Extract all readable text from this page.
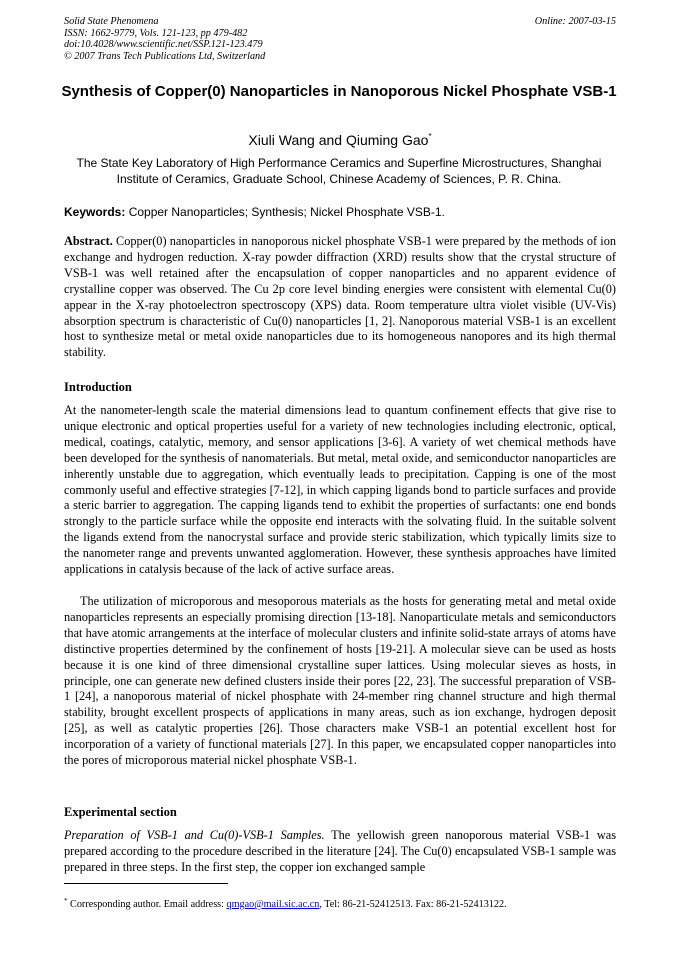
Solid State Phenomena
ISSN: 1662-9779, Vols. 121-123, pp 479-482
doi:10.4028/www.scientific.net/SSP.121-123.479
© 2007 Trans Tech Publications Ltd, Switzerland
Online: 2007-03-15
Synthesis of Copper(0) Nanoparticles in Nanoporous Nickel Phosphate VSB-1
Xiuli Wang and Qiuming Gao*
The State Key Laboratory of High Performance Ceramics and Superfine Microstructures, Shanghai Institute of Ceramics, Graduate School, Chinese Academy of Sciences, P. R. China.
Keywords: Copper Nanoparticles; Synthesis; Nickel Phosphate VSB-1.
Abstract. Copper(0) nanoparticles in nanoporous nickel phosphate VSB-1 were prepared by the methods of ion exchange and hydrogen reduction. X-ray powder diffraction (XRD) results show that the crystal structure of VSB-1 was well retained after the encapsulation of copper nanoparticles and no apparent evidence of crystalline copper was observed. The Cu 2p core level binding energies were consistent with elemental Cu(0) appear in the X-ray photoelectron spectroscopy (XPS) data. Room temperature ultra violet visible (UV-Vis) absorption spectrum is characteristic of Cu(0) nanoparticles [1, 2]. Nanoporous material VSB-1 is an excellent host to synthesize metal or metal oxide nanoparticles due to its homogeneous nanopores and its high thermal stability.
Introduction
At the nanometer-length scale the material dimensions lead to quantum confinement effects that give rise to unique electronic and optical properties useful for a variety of new technologies including electronic, optical, medical, coatings, catalytic, memory, and sensor applications [3-6]. A variety of wet chemical methods have been developed for the synthesis of nanomaterials. But metal, metal oxide, and semiconductor nanoparticles are inherently unstable due to aggregation, which eventually leads to precipitation. Capping is one of the most commonly useful and effective strategies [7-12], in which capping ligands bond to particle surfaces and provide a steric barrier to aggregation. The capping ligands tend to exhibit the properties of surfactants: one end bonds strongly to the particle surface while the opposite end interacts with the solvating fluid. In the suitable solvent the ligands extend from the nanocrystal surface and provide steric stabilization, which typically limits size to the nanometer range and prevents unwanted agglomeration. However, these synthesis approaches have limited applications in catalysis because of the lack of active surface areas.
The utilization of microporous and mesoporous materials as the hosts for generating metal and metal oxide nanoparticles represents an especially promising direction [13-18]. Nanoparticulate metals and semiconductors that have atomic arrangements at the interface of molecular clusters and infinite solid-state arrays of atoms have distinctive properties determined by the confinement of hosts [19-21]. A molecular sieve can be used as hosts because it is one kind of three dimensional crystalline super lattices. Using molecular sieves as hosts, in principle, one can generate new defined clusters inside their pores [22, 23]. The successful preparation of VSB-1 [24], a nanoporous material of nickel phosphate with 24-member ring channel structure and high thermal stability, brought excellent prospects of applications in many areas, such as ion exchange, hydrogen deposit [25], as well as catalytic properties [26]. Those characters make VSB-1 an potential excellent host for incorporation of a variety of functional materials [27]. In this paper, we encapsulated copper nanoparticles into the pores of microporous material nickel phosphate VSB-1.
Experimental section
Preparation of VSB-1 and Cu(0)-VSB-1 Samples. The yellowish green nanoporous material VSB-1 was prepared according to the procedure described in the literature [24]. The Cu(0) encapsulated VSB-1 sample was prepared in three steps. In the first step, the copper ion exchanged sample
* Corresponding author. Email address: qmgao@mail.sic.ac.cn, Tel: 86-21-52412513. Fax: 86-21-52413122.
